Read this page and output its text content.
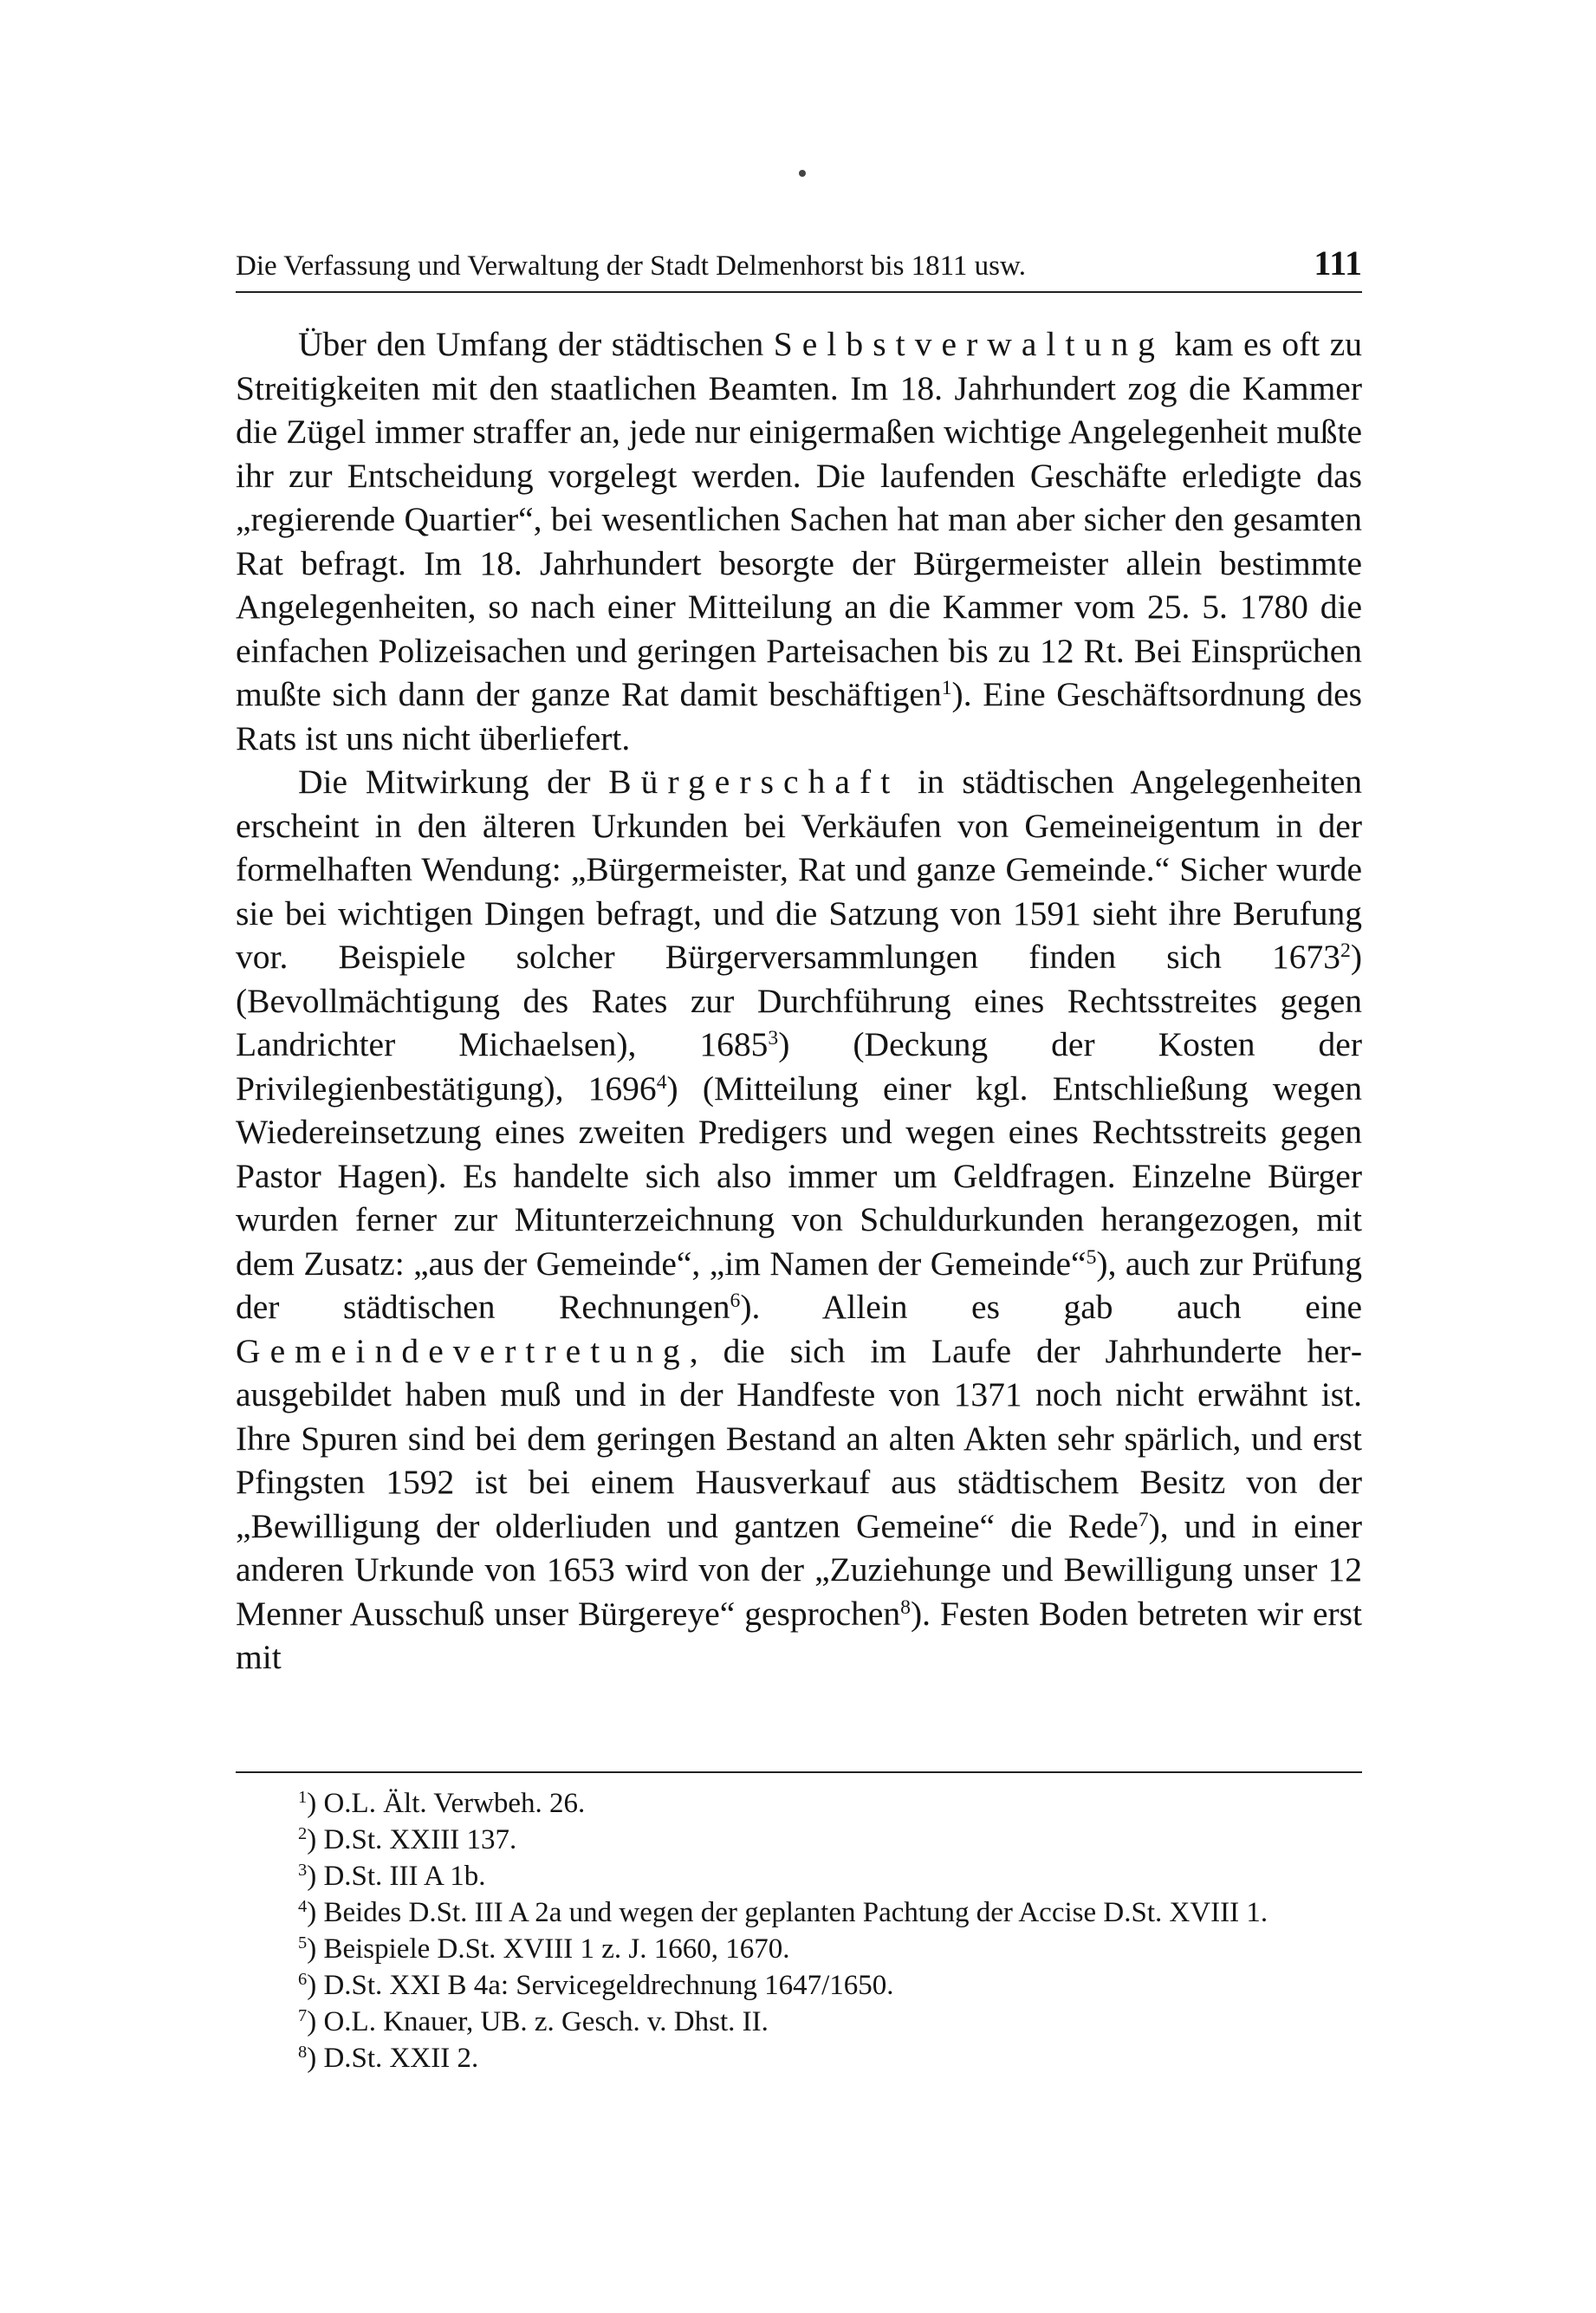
Die Verfassung und Verwaltung der Stadt Delmenhorst bis 1811 usw.	111

Über den Umfang der städtischen Selbstverwaltung kam es oft zu Streitigkeiten mit den staatlichen Beamten. Im 18. Jahrhundert zog die Kammer die Zügel immer straffer an, jede nur einigermaßen wichtige Angelegenheit mußte ihr zur Entscheidung vorgelegt werden. Die laufenden Geschäfte erledigte das „regierende Quartier“, bei wesentlichen Sachen hat man aber sicher den gesamten Rat befragt. Im 18. Jahrhundert besorgte der Bürgermeister allein bestimmte Angelegenheiten, so nach einer Mitteilung an die Kammer vom 25. 5. 1780 die einfachen Polizeisachen und geringen Parteisachen bis zu 12 Rt. Bei Einsprüchen mußte sich dann der ganze Rat damit beschäftigen$^1$). Eine Geschäftsordnung des Rats ist uns nicht überliefert.

Die Mitwirkung der Bürgerschaft in städtischen Angelegenheiten erscheint in den älteren Urkunden bei Verkäufen von Gemeineigentum in der formelhaften Wendung: „Bürgermeister, Rat und ganze Gemeinde.“ Sicher wurde sie bei wichtigen Dingen befragt, und die Satzung von 1591 sieht ihre Berufung vor. Beispiele solcher Bürgerversammlungen finden sich 1673$^2$) (Bevollmächtigung des Rates zur Durchführung eines Rechtsstreites gegen Landrichter Michaelsen), 1685$^3$) (Deckung der Kosten der Privilegienbestätigung), 1696$^4$) (Mitteilung einer kgl. Entschließung wegen Wiedereinsetzung eines zweiten Predigers und wegen eines Rechtsstreits gegen Pastor Hagen). Es handelte sich also immer um Geldfragen. Einzelne Bürger wurden ferner zur Mitunterzeichnung von Schuldurkunden herangezogen, mit dem Zusatz: „aus der Gemeinde“, „im Namen der Gemeinde“$^5$), auch zur Prüfung der städtischen Rechnungen$^6$). Allein es gab auch eine Gemeindevertretung, die sich im Laufe der Jahrhunderte herausgebildet haben muß und in der Handfeste von 1371 noch nicht erwähnt ist. Ihre Spuren sind bei dem geringen Bestand an alten Akten sehr spärlich, und erst Pfingsten 1592 ist bei einem Hausverkauf aus städtischem Besitz von der „Bewilligung der olderliuden und gantzen Gemeine“ die Rede$^7$), und in einer anderen Urkunde von 1653 wird von der „Zuziehunge und Bewilligung unser 12 Menner Ausschuß unser Bürgereye“ gesprochen$^8$). Festen Boden betreten wir erst mit

$^1$) O.L. Ält. Verwbeh. 26.
$^2$) D.St. XXIII 137.
$^3$) D.St. III A 1b.
$^4$) Beides D.St. III A 2a und wegen der geplanten Pachtung der Accise D.St. XVIII 1.
$^5$) Beispiele D.St. XVIII 1 z. J. 1660, 1670.
$^6$) D.St. XXI B 4a: Servicegeldrechnung 1647/1650.
$^7$) O.L. Knauer, UB. z. Gesch. v. Dhst. II.
$^8$) D.St. XXII 2.
